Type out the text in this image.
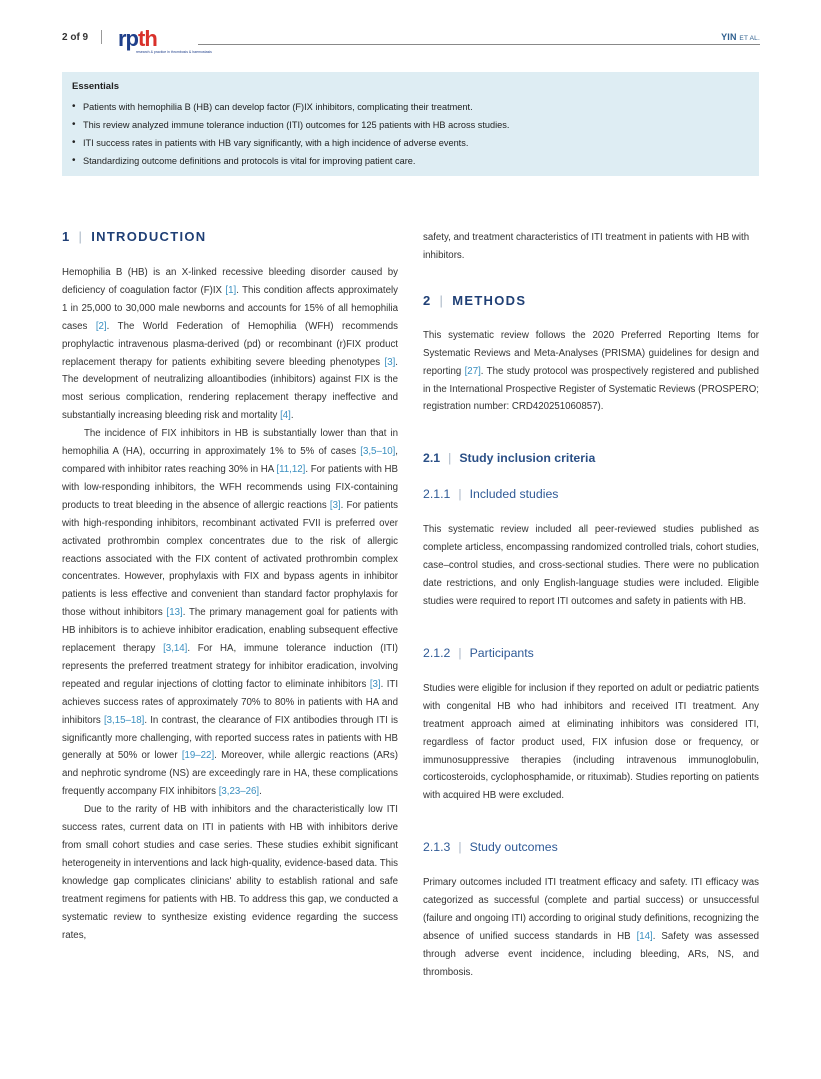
2 of 9 rpth
research & practice in thrombosis & haemostasis
YIN ET AL.
Essentials
• Patients with hemophilia B (HB) can develop factor (F)IX inhibitors, complicating their treatment.
• This review analyzed immune tolerance induction (ITI) outcomes for 125 patients with HB across studies.
• ITI success rates in patients with HB vary significantly, with a high incidence of adverse events.
• Standardizing outcome definitions and protocols is vital for improving patient care.
1 | INTRODUCTION

Hemophilia B (HB) is an X-linked recessive bleeding disorder caused by deficiency of coagulation factor (F)IX [1]. This condition affects approximately 1 in 25,000 to 30,000 male newborns and accounts for 15% of all hemophilia cases [2]. The World Federation of Hemophilia (WFH) recommends prophylactic intravenous plasma-derived (pd) or recombinant (r)FIX product replacement therapy for patients exhibiting severe bleeding phenotypes [3]. The development of neutralizing alloantibodies (inhibitors) against FIX is the most serious complication, rendering replacement therapy ineffective and substantially increasing bleeding risk and mortality [4].

The incidence of FIX inhibitors in HB is substantially lower than that in hemophilia A (HA), occurring in approximately 1% to 5% of cases [3,5–10], compared with inhibitor rates reaching 30% in HA [11,12]. For patients with HB with low-responding inhibitors, the WFH recommends using FIX-containing products to treat bleeding in the absence of allergic reactions [3]. For patients with high-responding inhibitors, recombinant activated FVII is preferred over activated prothrombin complex concentrates due to the risk of allergic reactions associated with the FIX content of activated prothrombin complex concentrates. However, prophylaxis with FIX and bypass agents in inhibitor patients is less effective and convenient than standard factor prophylaxis for those without inhibitors [13]. The primary management goal for patients with HB inhibitors is to achieve inhibitor eradication, enabling subsequent effective replacement therapy [3,14]. For HA, immune tolerance induction (ITI) represents the preferred treatment strategy for inhibitor eradication, involving repeated and regular injections of clotting factor to eliminate inhibitors [3]. ITI achieves success rates of approximately 70% to 80% in patients with HA and inhibitors [3,15–18]. In contrast, the clearance of FIX antibodies through ITI is significantly more challenging, with reported success rates in patients with HB generally at 50% or lower [19–22]. Moreover, while allergic reactions (ARs) and nephrotic syndrome (NS) are exceedingly rare in HA, these complications frequently accompany FIX inhibitors [3,23–26].

Due to the rarity of HB with inhibitors and the characteristically low ITI success rates, current data on ITI in patients with HB with inhibitors derive from small cohort studies and case series. These studies exhibit significant heterogeneity in interventions and lack high-quality, evidence-based data. This knowledge gap complicates clinicians' ability to establish rational and safe treatment regimens for patients with HB. To address this gap, we conducted a systematic review to synthesize existing evidence regarding the success rates,

safety, and treatment characteristics of ITI treatment in patients with HB with inhibitors.

2 | METHODS

This systematic review follows the 2020 Preferred Reporting Items for Systematic Reviews and Meta-Analyses (PRISMA) guidelines for design and reporting [27]. The study protocol was prospectively registered and published in the International Prospective Register of Systematic Reviews (PROSPERO; registration number: CRD420251060857).

2.1 | Study inclusion criteria
2.1.1 | Included studies

This systematic review included all peer-reviewed studies published as complete articless, encompassing randomized controlled trials, cohort studies, case–control studies, and cross-sectional studies. There were no publication date restrictions, and only English-language studies were included. Eligible studies were required to report ITI outcomes and safety in patients with HB.

2.1.2 | Participants

Studies were eligible for inclusion if they reported on adult or pediatric patients with congenital HB who had inhibitors and received ITI treatment. Any treatment approach aimed at eliminating inhibitors was considered ITI, regardless of factor product used, FIX infusion dose or frequency, or immunosuppressive therapies (including intravenous immunoglobulin, corticosteroids, cyclophosphamide, or rituximab). Studies reporting on patients with acquired HB were excluded.

2.1.3 | Study outcomes

Primary outcomes included ITI treatment efficacy and safety. ITI efficacy was categorized as successful (complete and partial success) or unsuccessful (failure and ongoing ITI) according to original study definitions, recognizing the absence of unified success standards in HB [14]. Safety was assessed through adverse event incidence, including bleeding, ARs, NS, and thrombosis.
